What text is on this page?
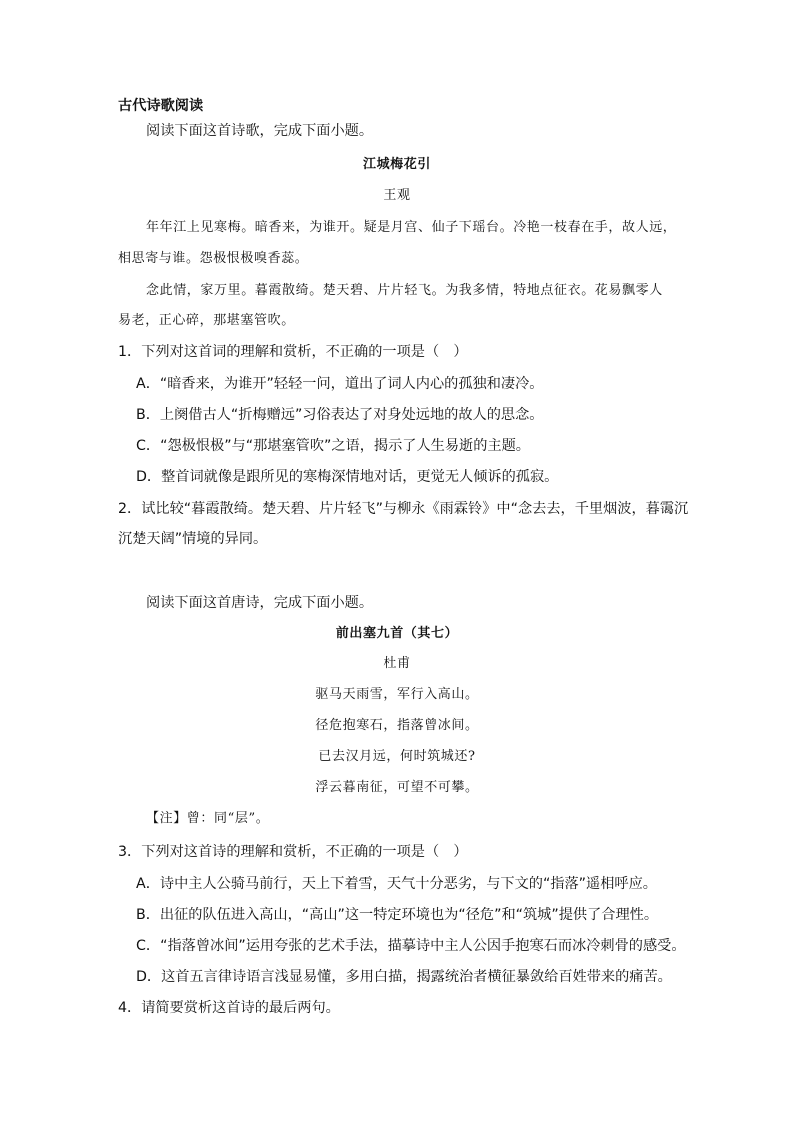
古代诗歌阅读
阅读下面这首诗歌，完成下面小题。
江城梅花引
王观
年年江上见寒梅。暗香来，为谁开。疑是月宫、仙子下瑶台。冷艳一枝春在手，故人远，
相思寄与谁。怨极恨极嗅香蕊。
念此情，家万里。暮霞散绮。楚天碧、片片轻飞。为我多情，特地点征衣。花易飘零人
易老，正心碎，那堪塞管吹。
1．下列对这首词的理解和赏析，不正确的一项是（　）
A．“暗香来，为谁开”轻轻一问，道出了词人内心的孤独和凄冷。
B．上阕借古人“折梅赠远”习俗表达了对身处远地的故人的思念。
C．“怨极恨极”与“那堪塞管吹”之语，揭示了人生易逝的主题。
D．整首词就像是跟所见的寒梅深情地对话，更觉无人倾诉的孤寂。
2．试比较“暮霞散绮。楚天碧、片片轻飞”与柳永《雨霖铃》中“念去去，千里烟波，暮霭沉
沉楚天阔”情境的异同。
阅读下面这首唐诗，完成下面小题。
前出塞九首（其七）
杜甫
驱马天雨雪，军行入高山。
径危抱寒石，指落曾冰间。
已去汉月远，何时筑城还?
浮云暮南征，可望不可攀。
【注】曾：同“层”。
3．下列对这首诗的理解和赏析，不正确的一项是（　）
A．诗中主人公骑马前行，天上下着雪，天气十分恶劣，与下文的“指落”遥相呼应。
B．出征的队伍进入高山，“高山”这一特定环境也为“径危”和“筑城”提供了合理性。
C．“指落曾冰间”运用夸张的艺术手法，描摹诗中主人公因手抱寒石而冰冷刺骨的感受。
D．这首五言律诗语言浅显易懂，多用白描，揭露统治者横征暴敛给百姓带来的痛苦。
4．请简要赏析这首诗的最后两句。
